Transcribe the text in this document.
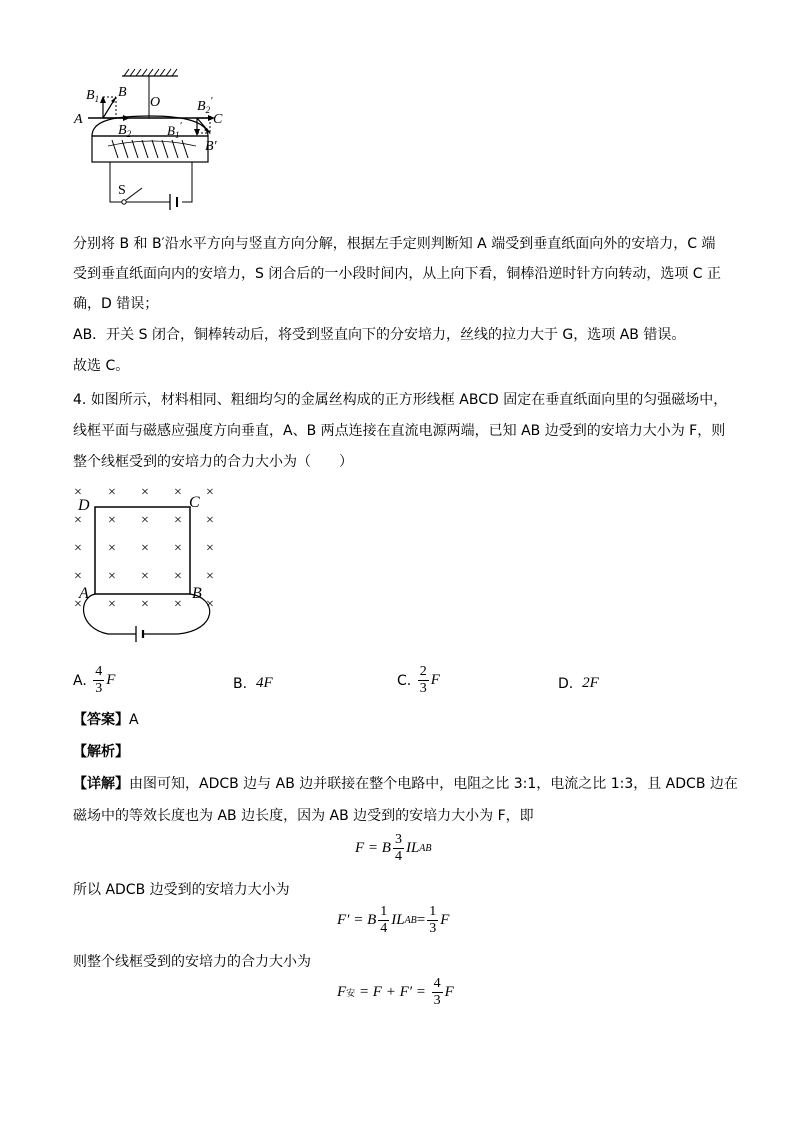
$B_1$ B
O	$B_2'$
A	C
$B_2$	$B_1'$
B′
S
分别将 B 和 B′沿水平方向与竖直方向分解，根据左手定则判断知 A 端受到垂直纸面向外的安培力，C 端
受到垂直纸面向内的安培力，S 闭合后的一小段时间内，从上向下看，铜棒沿逆时针方向转动，选项 C 正
确，D 错误；
AB．开关 S 闭合，铜棒转动后，将受到竖直向下的分安培力，丝线的拉力大于 G，选项 AB 错误。
故选 C。
4. 如图所示，材料相同、粗细均匀的金属丝构成的正方形线框 ABCD 固定在垂直纸面向里的匀强磁场中，
线框平面与磁感应强度方向垂直，A、B 两点连接在直流电源两端，已知 AB 边受到的安培力大小为 F，则
整个线框受到的安培力的合力大小为（　　）
× × × × ×
× × × × ×
× × × × ×
× × × × ×
× × × × ×
D	C
A	B
A.
$\frac{4}{3}$ F	B.
4F	C.
$\frac{2}{3}$ F	D.
2F
【答案】A
【解析】
【详解】由图可知，ADCB 边与 AB 边并联接在整个电路中，电阻之比 3:1，电流之比 1:3，且 ADCB 边在
磁场中的等效长度也为 AB 边长度，因为 AB 边受到的安培力大小为 F，即
F = B $\frac{3}{4}$ IL AB
所以 ADCB 边受到的安培力大小为
F′ = B $\frac{1}{4}$ IL AB = $\frac{1}{3}$ F
则整个线框受到的安培力的合力大小为
F 安 = $F + F' = \frac{4}{3}$ F
